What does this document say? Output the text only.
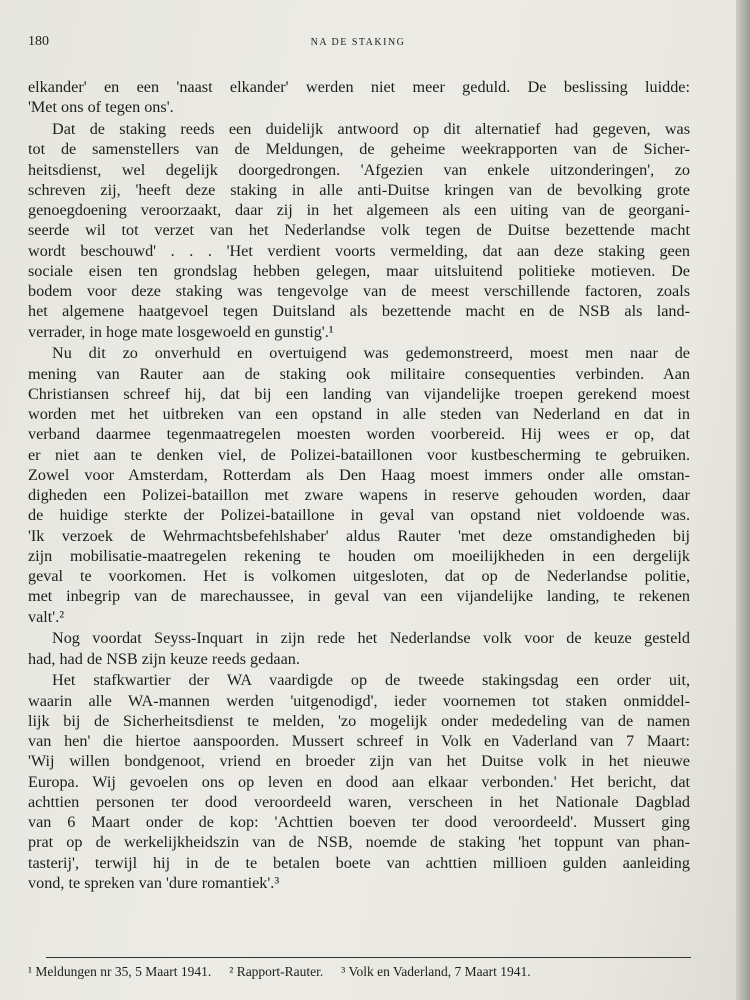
180	NA DE STAKING
elkander' en een 'naast elkander' werden niet meer geduld. De beslissing luidde:
'Met ons of tegen ons'.
Dat de staking reeds een duidelijk antwoord op dit alternatief had gegeven, was
tot de samenstellers van de Meldungen, de geheime weekrapporten van de Sicher-
heitsdienst, wel degelijk doorgedrongen. 'Afgezien van enkele uitzonderingen', zo
schreven zij, 'heeft deze staking in alle anti-Duitse kringen van de bevolking grote
genoegdoening veroorzaakt, daar zij in het algemeen als een uiting van de georgani-
seerde wil tot verzet van het Nederlandse volk tegen de Duitse bezettende macht
wordt beschouwd' . . . 'Het verdient voorts vermelding, dat aan deze staking geen
sociale eisen ten grondslag hebben gelegen, maar uitsluitend politieke motieven. De
bodem voor deze staking was tengevolge van de meest verschillende factoren, zoals
het algemene haatgevoel tegen Duitsland als bezettende macht en de NSB als land-
verrader, in hoge mate losgewoeld en gunstig'.¹
Nu dit zo onverhuld en overtuigend was gedemonstreerd, moest men naar de
mening van Rauter aan de staking ook militaire consequenties verbinden. Aan
Christiansen schreef hij, dat bij een landing van vijandelijke troepen gerekend moest
worden met het uitbreken van een opstand in alle steden van Nederland en dat in
verband daarmee tegenmaatregelen moesten worden voorbereid. Hij wees er op, dat
er niet aan te denken viel, de Polizei-bataillonen voor kustbescherming te gebruiken.
Zowel voor Amsterdam, Rotterdam als Den Haag moest immers onder alle omstan-
digheden een Polizei-bataillon met zware wapens in reserve gehouden worden, daar
de huidige sterkte der Polizei-bataillone in geval van opstand niet voldoende was.
'Ik verzoek de Wehrmachtsbefehlshaber' aldus Rauter 'met deze omstandigheden bij
zijn mobilisatie-maatregelen rekening te houden om moeilijkheden in een dergelijk
geval te voorkomen. Het is volkomen uitgesloten, dat op de Nederlandse politie,
met inbegrip van de marechaussee, in geval van een vijandelijke landing, te rekenen
valt'.²
Nog voordat Seyss-Inquart in zijn rede het Nederlandse volk voor de keuze gesteld
had, had de NSB zijn keuze reeds gedaan.
Het stafkwartier der WA vaardigde op de tweede stakingsdag een order uit,
waarin alle WA-mannen werden 'uitgenodigd', ieder voornemen tot staken onmiddel-
lijk bij de Sicherheitsdienst te melden, 'zo mogelijk onder mededeling van de namen
van hen' die hiertoe aanspoorden. Mussert schreef in Volk en Vaderland van 7 Maart:
'Wij willen bondgenoot, vriend en broeder zijn van het Duitse volk in het nieuwe
Europa. Wij gevoelen ons op leven en dood aan elkaar verbonden.' Het bericht, dat
achttien personen ter dood veroordeeld waren, verscheen in het Nationale Dagblad
van 6 Maart onder de kop: 'Achttien boeven ter dood veroordeeld'. Mussert ging
prat op de werkelijkheidszin van de NSB, noemde de staking 'het toppunt van phan-
tasterij', terwijl hij in de te betalen boete van achttien millioen gulden aanleiding
vond, te spreken van 'dure romantiek'.³
¹ Meldungen nr 35, 5 Maart 1941. ² Rapport-Rauter. ³ Volk en Vaderland, 7 Maart 1941.
